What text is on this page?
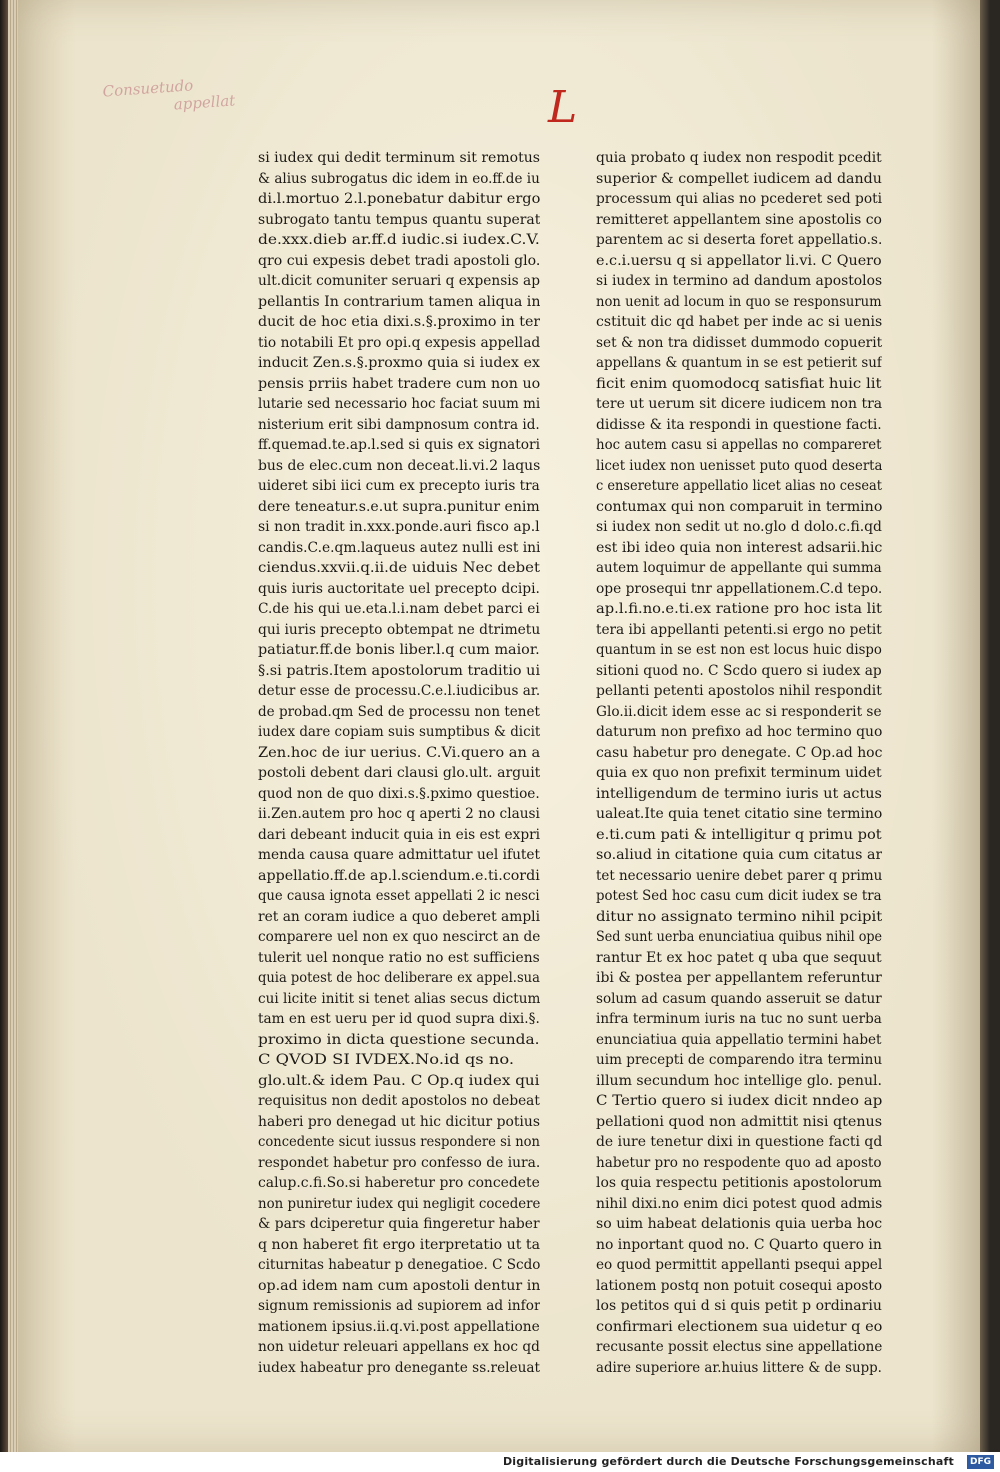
Consuetudo
appellat	L
si iudex qui dedit terminum sit remotus
& alius subrogatus dic idem in eo.ff.de iu
di.l.mortuo 2.l.ponebatur dabitur ergo
subrogato tantu tempus quantu superat
de.xxx.dieb ar.ff.d iudic.si iudex.C.V.
qro cui expesis debet tradi apostoli glo.
ult.dicit comuniter seruari q expensis ap
pellantis In contrarium tamen aliqua in
ducit de hoc etia dixi.s.§.proximo in ter
tio notabili Et pro opi.q expesis appellad
inducit Zen.s.§.proxmo quia si iudex ex
pensis prriis habet tradere cum non uo
lutarie sed necessario hoc faciat suum mi
nisterium erit sibi dampnosum contra id.
ff.quemad.te.ap.l.sed si quis ex signatori
bus de elec.cum non deceat.li.vi.2 laqus
uideret sibi iici cum ex precepto iuris tra
dere teneatur.s.e.ut supra.punitur enim
si non tradit in.xxx.ponde.auri fisco ap.l
candis.C.e.qm.laqueus autez nulli est ini
ciendus.xxvii.q.ii.de uiduis Nec debet
quis iuris auctoritate uel precepto dcipi.
C.de his qui ue.eta.l.i.nam debet parci ei
qui iuris precepto obtempat ne dtrimetu
patiatur.ff.de bonis liber.l.q cum maior.
§.si patris.Item apostolorum traditio ui
detur esse de processu.C.e.l.iudicibus ar.
de probad.qm Sed de processu non tenet
iudex dare copiam suis sumptibus & dicit
Zen.hoc de iur uerius. C.Vi.quero an a
postoli debent dari clausi glo.ult. arguit
quod non de quo dixi.s.§.pximo questioe.
ii.Zen.autem pro hoc q aperti 2 no clausi
dari debeant inducit quia in eis est expri
menda causa quare admittatur uel ifutet
appellatio.ff.de ap.l.sciendum.e.ti.cordi
que causa ignota esset appellati 2 ic nesci
ret an coram iudice a quo deberet ampli
comparere uel non ex quo nescirct an de
tulerit uel nonque ratio no est sufficiens
quia potest de hoc deliberare ex appel.sua
cui licite initit si tenet alias secus dictum
tam en est ueru per id quod supra dixi.§.
proximo in dicta questione secunda.
C QVOD SI IVDEX.No.id qs no.
glo.ult.& idem Pau. C Op.q iudex qui
requisitus non dedit apostolos no debeat
haberi pro denegad ut hic dicitur potius
concedente sicut iussus respondere si non
respondet habetur pro confesso de iura.
calup.c.fi.So.si haberetur pro concedete
non puniretur iudex qui negligit cocedere
& pars dciperetur quia fingeretur haber
q non haberet fit ergo iterpretatio ut ta
citurnitas habeatur p denegatioe. C Scdo
op.ad idem nam cum apostoli dentur in
signum remissionis ad supiorem ad infor
mationem ipsius.ii.q.vi.post appellatione
non uidetur releuari appellans ex hoc qd
iudex habeatur pro denegante ss.releuat
quia probato q iudex non respodit pcedit
superior & compellet iudicem ad dandu
processum qui alias no pcederet sed poti
remitteret appellantem sine apostolis co
parentem ac si deserta foret appellatio.s.
e.c.i.uersu q si appellator li.vi. C Quero
si iudex in termino ad dandum apostolos
non uenit ad locum in quo se responsurum
cstituit dic qd habet per inde ac si uenis
set & non tra didisset dummodo copuerit
appellans & quantum in se est petierit suf
ficit enim quomodocq satisfiat huic lit
tere ut uerum sit dicere iudicem non tra
didisse & ita respondi in questione facti.
hoc autem casu si appellas no compareret
licet iudex non uenisset puto quod deserta
c ensereture appellatio licet alias no ceseat
contumax qui non comparuit in termino
si iudex non sedit ut no.glo d dolo.c.fi.qd
est ibi ideo quia non interest adsarii.hic
autem loquimur de appellante qui summa
ope prosequi tnr appellationem.C.d tepo.
ap.l.fi.no.e.ti.ex ratione pro hoc ista lit
tera ibi appellanti petenti.si ergo no petit
quantum in se est non est locus huic dispo
sitioni quod no. C Scdo quero si iudex ap
pellanti petenti apostolos nihil respondit
Glo.ii.dicit idem esse ac si responderit se
daturum non prefixo ad hoc termino quo
casu habetur pro denegate. C Op.ad hoc
quia ex quo non prefixit terminum uidet
intelligendum de termino iuris ut actus
ualeat.Ite quia tenet citatio sine termino
e.ti.cum pati & intelligitur q primu pot
so.aliud in citatione quia cum citatus ar
tet necessario uenire debet parer q primu
potest Sed hoc casu cum dicit iudex se tra
ditur no assignato termino nihil pcipit
Sed sunt uerba enunciatiua quibus nihil ope
rantur Et ex hoc patet q uba que sequut
ibi & postea per appellantem referuntur
solum ad casum quando asseruit se datur
infra terminum iuris na tuc no sunt uerba
enunciatiua quia appellatio termini habet
uim precepti de comparendo itra terminu
illum secundum hoc intellige glo. penul.
C Tertio quero si iudex dicit nndeo ap
pellationi quod non admittit nisi qtenus
de iure tenetur dixi in questione facti qd
habetur pro no respodente quo ad aposto
los quia respectu petitionis apostolorum
nihil dixi.no enim dici potest quod admis
so uim habeat delationis quia uerba hoc
no inportant quod no. C Quarto quero in
eo quod permittit appellanti psequi appel
lationem postq non potuit cosequi aposto
los petitos qui d si quis petit p ordinariu
confirmari electionem sua uidetur q eo
recusante possit electus sine appellatione
adire superiore ar.huius littere & de supp.
Digitalisierung gefördert durch die Deutsche Forschungsgemeinschaft	DFG
